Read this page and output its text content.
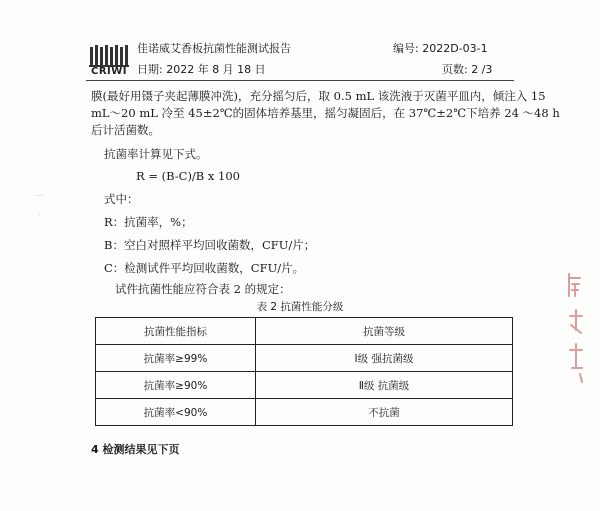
CRIWI
佳诺威艾香板抗菌性能测试报告
日期: 2022 年 8 月 18 日
编号: 2022D-03-1
页数: 2 /3
膜(最好用镊子夹起薄膜冲洗)，充分摇匀后，取 0.5 mL 该洗液于灭菌平皿内，倾注入 15
mL～20 mL 冷至 45±2℃的固体培养基里，摇匀凝固后，在 37℃±2℃下培养 24 ～48 h
后计活菌数。
抗菌率计算见下式。
R = (B-C)/B x 100
式中：
R：抗菌率，%；
B：空白对照样平均回收菌数，CFU/片；
C：检测试件平均回收菌数，CFU/片。
试件抗菌性能应符合表 2 的规定：
表 2 抗菌性能分级
抗菌性能指标	抗菌等级
抗菌率≥99%	Ⅰ级 强抗菌级
抗菌率≥90%	Ⅱ级 抗菌级
抗菌率<90%	不抗菌
4 检测结果见下页
一
·
